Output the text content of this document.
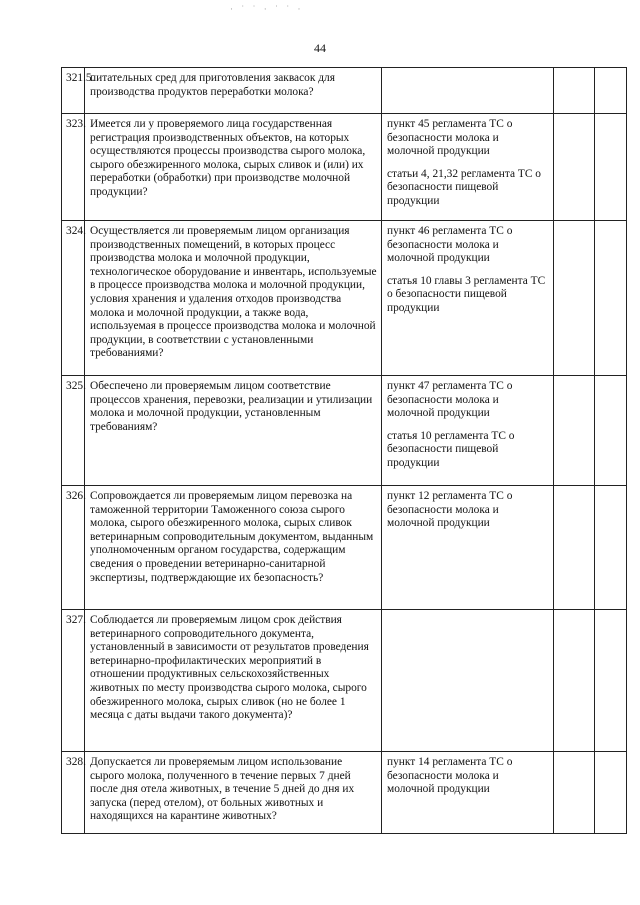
· ˙ ˙ · ˙ ˙ ·
44
321.5.	питательных сред для приготовления заквасок для производства продуктов переработки молока?			
323.	Имеется ли у проверяемого лица государственная регистрация производственных объектов, на которых осуществляются процессы производства сырого молока, сырого обезжиренного молока, сырых сливок и (или) их переработки (обработки) при производстве молочной продукции?	пункт 45 регламента ТС о безопасности молока и молочной продукции

статьи 4, 21,32 регламента ТС о безопасности пищевой продукции		

324.	Осуществляется ли проверяемым лицом организация производственных помещений, в которых процесс производства молока и молочной продукции, технологическое оборудование и инвентарь, используемые в процессе производства молока и молочной продукции, условия хранения и удаления отходов производства молока и молочной продукции, а также вода, используемая в процессе производства молока и молочной продукции, в соответствии с установленными требованиями?	пункт 46 регламента ТС о безопасности молока и молочной продукции

статья 10 главы 3 регламента ТС о безопасности пищевой продукции		

325.	Обеспечено ли проверяемым лицом соответствие процессов хранения, перевозки, реализации и утилизации молока и молочной продукции, установленным требованиям?	пункт 47 регламента ТС о безопасности молока и молочной продукции

статья 10 регламента ТС о безопасности пищевой продукции		

326.	Сопровождается ли проверяемым лицом перевозка на таможенной территории Таможенного союза сырого молока, сырого обезжиренного молока, сырых сливок ветеринарным сопроводительным документом, выданным уполномоченным органом государства, содержащим сведения о проведении ветеринарно-санитарной экспертизы, подтверждающие их безопасность?	пункт 12 регламента ТС о безопасности молока и молочной продукции		

327.	Соблюдается ли проверяемым лицом срок действия ветеринарного сопроводительного документа, установленный в зависимости от результатов проведения ветеринарно-профилактических мероприятий в отношении продуктивных сельскохозяйственных животных по месту производства сырого молока, сырого обезжиренного молока, сырых сливок (но не более 1 месяца с даты выдачи такого документа)?			
328.	Допускается ли проверяемым лицом использование сырого молока, полученного в течение первых 7 дней после дня отела животных, в течение 5 дней до дня их запуска (перед отелом), от больных животных и находящихся на карантине животных?	пункт 14 регламента ТС о безопасности молока и молочной продукции		
